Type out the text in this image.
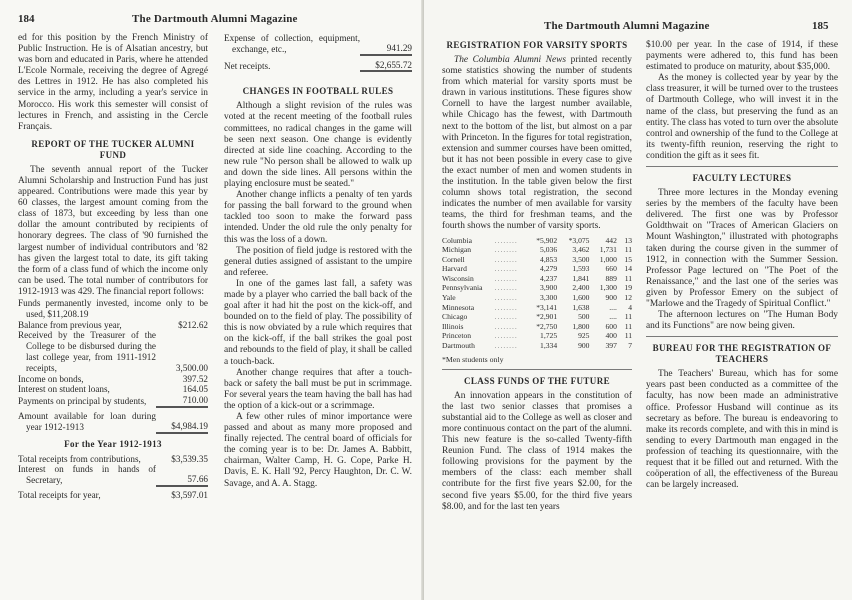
184	The Dartmouth Alumni Magazine

ed for this position by the French Ministry of Public Instruction. He is of Alsatian ancestry, but was born and educated in Paris, where he attended L'Ecole Normale, receiving the degree of Agregé des Lettres in 1912. He has also completed his service in the army, including a year's service in Morocco. His work this semester will consist of lectures in French, and assisting in the Cercle Français.

REPORT OF THE TUCKER ALUMNI FUND

The seventh annual report of the Tucker Alumni Scholarship and Instruction Fund has just appeared. Contributions were made this year by 60 classes, the largest amount coming from the class of 1873, but exceeding by less than one dollar the amount contributed by recipients of honorary degrees. The class of '90 furnished the largest number of individual contributors and '82 has given the largest total to date, its gift taking the form of a class fund of which the income only can be used. The total number of contributors for 1912-1913 was 429. The financial report follows:

Funds permanently invested, income only to be used, $11,208.19	
Balance from previous year,	$212.62
Received by the Treasurer of the College to be disbursed during the last college year, from 1911-1912 receipts,	3,500.00
Income on bonds,	397.52
Interest on student loans,	164.05
Payments on principal by students,	710.00
Amount available for loan during year 1912-1913	$4,984.19
For the Year 1912-1913
Total receipts from contributions,	$3,539.35
Interest on funds in hands of Secretary,	57.66
Total receipts for year,	$3,597.01
Expense of collection, equipment, exchange, etc.,	941.29
Net receipts.	$2,655.72
CHANGES IN FOOTBALL RULES

Although a slight revision of the rules was voted at the recent meeting of the football rules committees, no radical changes in the game will be seen next season. One change is evidently directed at side line coaching. According to the new rule "No person shall be allowed to walk up and down the side lines. All persons within the playing enclosure must be seated."

Another change inflicts a penalty of ten yards for passing the ball forward to the ground when tackled too soon to make the forward pass intended. Under the old rule the only penalty for this was the loss of a down.

The position of field judge is restored with the general duties assigned of assistant to the umpire and referee.

In one of the games last fall, a safety was made by a player who carried the ball back of the goal after it had hit the post on the kick-off, and bounded on to the field of play. The possibility of this is now obviated by a rule which requires that on the kick-off, if the ball strikes the goal post and rebounds to the field of play, it shall be called a touch-back.

Another change requires that after a touch-back or safety the ball must be put in scrimmage. For several years the team having the ball has had the option of a kick-out or a scrimmage.

A few other rules of minor importance were passed and about as many more proposed and finally rejected. The central board of officials for the coming year is to be: Dr. James A. Babbitt, chairman, Walter Camp, H. G. Cope, Parke H. Davis, E. K. Hall '92, Percy Haughton, Dr. C. W. Savage, and A. A. Stagg.

The Dartmouth Alumni Magazine	185
REGISTRATION FOR VARSITY SPORTS

The Columbia Alumni News printed recently some statistics showing the number of students from which material for varsity sports must be drawn in various institutions. These figures show Cornell to have the largest number available, while Chicago has the fewest, with Dartmouth next to the bottom of the list, but almost on a par with Princeton. In the figures for total registration, extension and summer courses have been omitted, but it has not been possible in every case to give the exact number of men and women students in the institution. In the table given below the first column shows total registration, the second indicates the number of men available for varsity teams, the third for freshman teams, and the fourth shows the number of varsity sports.

Columbia	........	*5,902	*3,075	442	13
Michigan	........	5,036	3,462	1,731	11
Cornell	........	4,853	3,500	1,000	15
Harvard	........	4,279	1,593	660	14
Wisconsin	........	4,237	1,841	889	11
Pennsylvania	........	3,900	2,400	1,300	19
Yale	........	3,300	1,600	900	12
Minnesota	........	*3,141	1,638	....	4
Chicago	........	*2,901	500	....	11
Illinois	........	*2,750	1,800	600	11
Princeton	........	1,725	925	400	11
Dartmouth	........	1,334	900	397	7
*Men students only
CLASS FUNDS OF THE FUTURE

An innovation appears in the constitution of the last two senior classes that promises a substantial aid to the College as well as closer and more continuous contact on the part of the alumni. This new feature is the so-called Twenty-fifth Reunion Fund. The class of 1914 makes the following provisions for the payment by the members of the class: each member shall contribute for the first five years $2.00, for the second five years $5.00, for the third five years $8.00, and for the last ten years

$10.00 per year. In the case of 1914, if these payments were adhered to, this fund has been estimated to produce on maturity, about $35,000.

As the money is collected year by year by the class treasurer, it will be turned over to the trustees of Dartmouth College, who will invest it in the name of the class, but preserving the fund as an entity. The class has voted to turn over the absolute control and ownership of the fund to the College at its twenty-fifth reunion, reserving the right to condition the gift as it sees fit.

FACULTY LECTURES

Three more lectures in the Monday evening series by the members of the faculty have been delivered. The first one was by Professor Goldthwait on "Traces of American Glaciers on Mount Washington," illustrated with photographs taken during the course given in the summer of 1912, in connection with the Summer Session. Professor Page lectured on "The Poet of the Renaissance," and the last one of the series was given by Professor Emery on the subject of "Marlowe and the Tragedy of Spiritual Conflict."

The afternoon lectures on "The Human Body and its Functions" are now being given.

BUREAU FOR THE REGISTRATION OF TEACHERS

The Teachers' Bureau, which has for some years past been conducted as a committee of the faculty, has now been made an administrative office. Professor Husband will continue as its secretary as before. The bureau is endeavoring to make its records complete, and with this in mind is sending to every Dartmouth man engaged in the profession of teaching its questionnaire, with the request that it be filled out and returned. With the coöperation of all, the effectiveness of the Bureau can be largely increased.
